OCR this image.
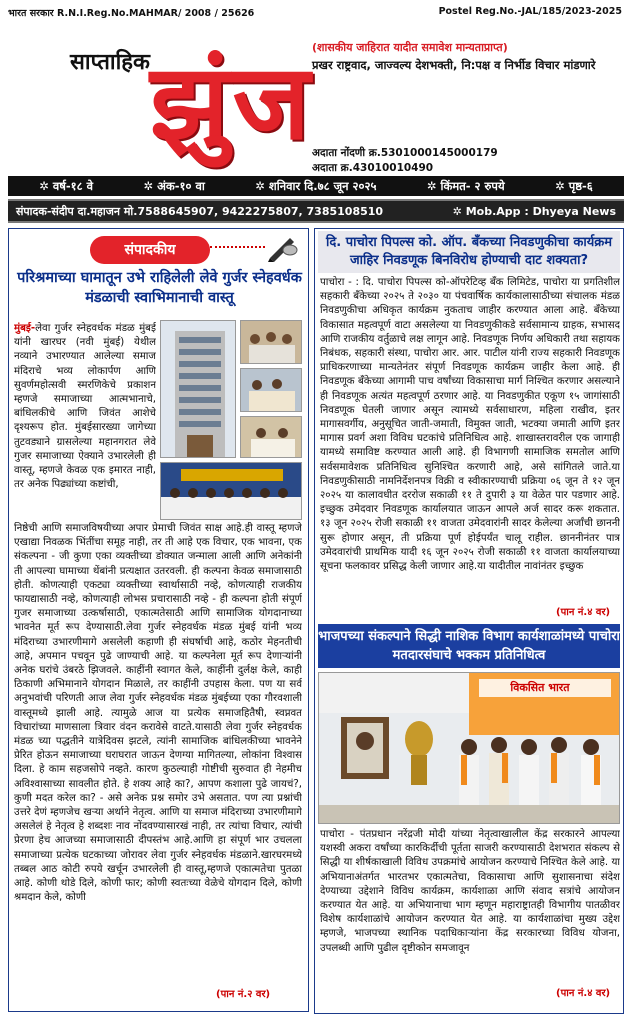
भारत सरकार R.N.I.Reg.No.MAHMAR/ 2008 / 25626	Postel Reg.No.-JAL/185/2023-2025
साप्ताहिक झुंज
(शासकीय जाहिरात यादीत समावेश मान्यताप्राप्त)
प्रखर राष्ट्रवाद, जाज्वल्य देशभक्ती, नि:पक्ष व निर्भीड विचार मांडणारे
अदाता नोंदणी क्र.5301000145000179
अदाता क्र.43010010490
✲ वर्ष-१८ वे	✲ अंक-१० वा	✲ शनिवार दि.७८ जून २०२५	✲ किंमत- २ रुपये	✲ पृष्ठ-६
संपादक-संदीप दा.महाजन मो.7588645907, 9422275807, 7385108510	✲ Mob.App : Dhyeya News
संपादकीय
परिश्रमाच्या घामातून उभे राहिलेली लेवे गुर्जर स्नेहवर्धक मंडळाची स्वाभिमानाची वास्तू
मुंबई-लेवा गुर्जर स्नेहवर्धक मंडळ मुंबई यांनी खारघर (नवी मुंबई) येथील नव्याने उभारण्यात आलेल्या समाज मंदिराचे भव्य लोकार्पण आणि सुवर्णमहोत्सवी स्मरणिकेचे प्रकाशन म्हणजे समाजाच्या आत्मभानाचे, बांधिलकीचे आणि जिवंत आशेचे दृश्यरूप होत. मुंबईसारख्या जागेच्या तुटवड्याने ग्रासलेल्या महानगरात लेवे गुजर समाजाच्या ऐक्याने उभारलेली ही वास्तू, म्हणजे केवळ एक इमारत नाही, तर अनेक पिढ्यांच्या कष्टांची,
निष्ठेची आणि समाजविषयीच्या अपार प्रेमाची जिवंत साक्ष आहे.ही वास्तू म्हणजे एखाद्या निवळक भिंतींचा समूह नाही, तर ती आहे एक विचार, एक भावना, एक संकल्पना - जी कुणा एका व्यक्तीच्या डोक्यात जन्माला आली आणि अनेकांनी ती आपल्या घामाच्या थेंबांनी प्रत्यक्षात उतरवली. ही कल्पना केवळ समाजासाठी होती. कोणत्याही एकट्या व्यक्तीच्या स्वार्थासाठी नव्हे, कोणत्याही राजकीय फायद्यासाठी नव्हे, कोणत्याही लोभस प्रचारासाठी नव्हे - ही कल्पना होती संपूर्ण गुजर समाजाच्या उत्कर्षासाठी, एकात्मतेसाठी आणि सामाजिक योगदानाच्या भावनेत मूर्त रूप देण्यासाठी.लेवा गुर्जर स्नेहवर्धक मंडळ मुंबई यांनी भव्य मंदिराच्या उभारणीमागे असलेली कहाणी ही संघर्षाची आहे, कठोर मेहनतीची आहे, अपमान पचवून पुढे जाण्याची आहे. या कल्पनेला मूर्त रूप देणाऱ्यांनी अनेक घरांचे उंबरठे झिजवले. काहींनी स्वागत केले, काहींनी दुर्लक्ष केले, काही ठिकाणी अभिमानाने योगदान मिळाले, तर काहींनी उपहास केला. पण या सर्व अनुभवांची परिणती आज लेवा गुर्जर स्नेहवर्धक मंडळ मुंबईच्या एका गौरवशाली वास्तूमध्ये झाली आहे. त्यामुळे आज या प्रत्येक समाजहितैषी, स्वप्नवत विचारांच्या माणसाला त्रिवार वंदन करावेसे वाटते.यासाठी लेवा गुर्जर स्नेहवर्धक मंडळ च्या पद्धतीने यात्रेदिवस झटले, त्यांनी सामाजिक बांधिलकीच्या भावनेने प्रेरित होऊन समाजाच्या घराघरात जाऊन देणग्या मागितल्या, लोकांना विश्वास दिला. हे काम सहजसोपे नव्हते. कारण कुठल्याही गोष्टीची सुरुवात ही नेहमीच अविश्वासाच्या सावलीत होते. हे शक्य आहे का?, आपण कशाला पुढे जायचं?, कुणी मदत करेल का? - असे अनेक प्रश्न समोर उभे असतात. पण त्या प्रश्नांची उत्तरे देणं म्हणजेच खऱ्या अर्थाने नेतृत्व. आणि या समाज मंदिराच्या उभारणीमागे असलेलं हे नेतृत्व हे शब्दशः नाव नोंदवण्यासारखं नाही, तर त्यांचा विचार, त्यांची प्रेरणा हेच आजच्या समाजासाठी दीपस्तंभ आहे.आणि हा संपूर्ण भार उचलला समाजाच्या प्रत्येक घटकाच्या जोरावर लेवा गुर्जर स्नेहवर्धक मंडळाने.खारघरमध्ये तब्बल आठ कोटी रुपये खर्चून उभारलेली ही वास्तू,म्हणजे एकात्मतेचा पुतळा आहे. कोणी थोडे दिले, कोणी फार; कोणी स्वतःच्या वेळेचे योगदान दिले, कोणी श्रमदान केले, कोणी
(पान नं.२ वर)
दि. पाचोरा पिपल्स को. ऑप. बँकच्या निवडणुकीचा कार्यक्रम जाहिर निवडणूक बिनविरोध होण्याची दाट शक्यता?
पाचोरा - : दि. पाचोरा पिपल्स को-ऑपरेटिव्ह बँक लिमिटेड, पाचोरा या प्रगतिशील सहकारी बँकेच्या २०२५ ते २०३० या पंचवार्षिक कार्यकालासाठीच्या संचालक मंडळ निवडणुकीचा अधिकृत कार्यक्रम नुकताच जाहीर करण्यात आला आहे. बँकेच्या विकासात महत्वपूर्ण वाटा असलेल्या या निवडणुकीकडे सर्वसामान्य ग्राहक, सभासद आणि राजकीय वर्तुळाचे लक्ष लागून आहे. निवडणूक निर्णय अधिकारी तथा सहायक निबंधक, सहकारी संस्था, पाचोरा आर. आर. पाटील यांनी राज्य सहकारी निवडणूक प्राधिकरणाच्या मान्यतेनंतर संपूर्ण निवडणूक कार्यक्रम जाहीर केला आहे. ही निवडणूक बँकेच्या आगामी पाच वर्षांच्या विकासाचा मार्ग निश्चित करणार असल्याने ही निवडणूक अत्यंत महत्वपूर्ण ठरणार आहे. या निवडणुकीत एकूण १५ जागांसाठी निवडणूक घेतली जाणार असून त्यामध्ये सर्वसाधारण, महिला राखीव, इतर मागासवर्गीय, अनुसूचित जाती-जमाती, विमुक्त जाती, भटक्या जमाती आणि इतर मागास प्रवर्ग अशा विविध घटकांचे प्रतिनिधित्व आहे. शाखास्तरावरील एक जागाही यामध्ये समाविष्ट करण्यात आली आहे. ही विभागणी सामाजिक समतोल आणि सर्वसमावेशक प्रतिनिधित्व सुनिश्चित करणारी आहे, असे सांगितले जाते.या निवडणुकीसाठी नामनिर्देशनपत्र विक्री व स्वीकारण्याची प्रक्रिया ०६ जून ते १२ जून २०२५ या कालावधीत दररोज सकाळी ११ ते दुपारी ३ या वेळेत पार पडणार आहे. इच्छुक उमेदवार निवडणूक कार्यालयात जाऊन आपले अर्ज सादर करू शकतात. १३ जून २०२५ रोजी सकाळी ११ वाजता उमेदवारांनी सादर केलेल्या अर्जांची छाननी सुरू होणार असून, ती प्रक्रिया पूर्ण होईपर्यंत चालू राहील. छाननीनंतर पात्र उमेदवारांची प्राथमिक यादी १६ जून २०२५ रोजी सकाळी ११ वाजता कार्यालयाच्या सूचना फलकावर प्रसिद्ध केली जाणार आहे.या यादीतील नावांनंतर इच्छुक
(पान नं.४ वर)
भाजपच्या संकल्पाने सिद्धी नाशिक विभाग कार्यशाळांमध्ये पाचोरा मतदारसंघाचे भक्कम प्रतिनिधित्व
विकसित भारत
पाचोरा - पंतप्रधान नरेंद्रजी मोदी यांच्या नेतृत्वाखालील केंद्र सरकारने आपल्या यशस्वी अकरा वर्षांच्या कारकिर्दीची पूर्तता साजरी करण्यासाठी देशभरात संकल्प से सिद्धी या शीर्षकाखाली विविध उपक्रमांचे आयोजन करण्याचे निश्चित केले आहे. या अभियानाअंतर्गत भारतभर एकात्मतेचा, विकासाचा आणि सुशासनाचा संदेश देण्याच्या उद्देशाने विविध कार्यक्रम, कार्यशाळा आणि संवाद सत्रांचे आयोजन करण्यात येत आहे. या अभियानाचा भाग म्हणून महाराष्ट्रातही विभागीय पातळीवर विशेष कार्यशाळांचे आयोजन करण्यात येत आहे. या कार्यशाळांचा मुख्य उद्देश म्हणजे, भाजपच्या स्थानिक पदाधिकाऱ्यांना केंद्र सरकारच्या विविध योजना, उपलब्धी आणि पुढील दृष्टीकोन समजावून
(पान नं.४ वर)
